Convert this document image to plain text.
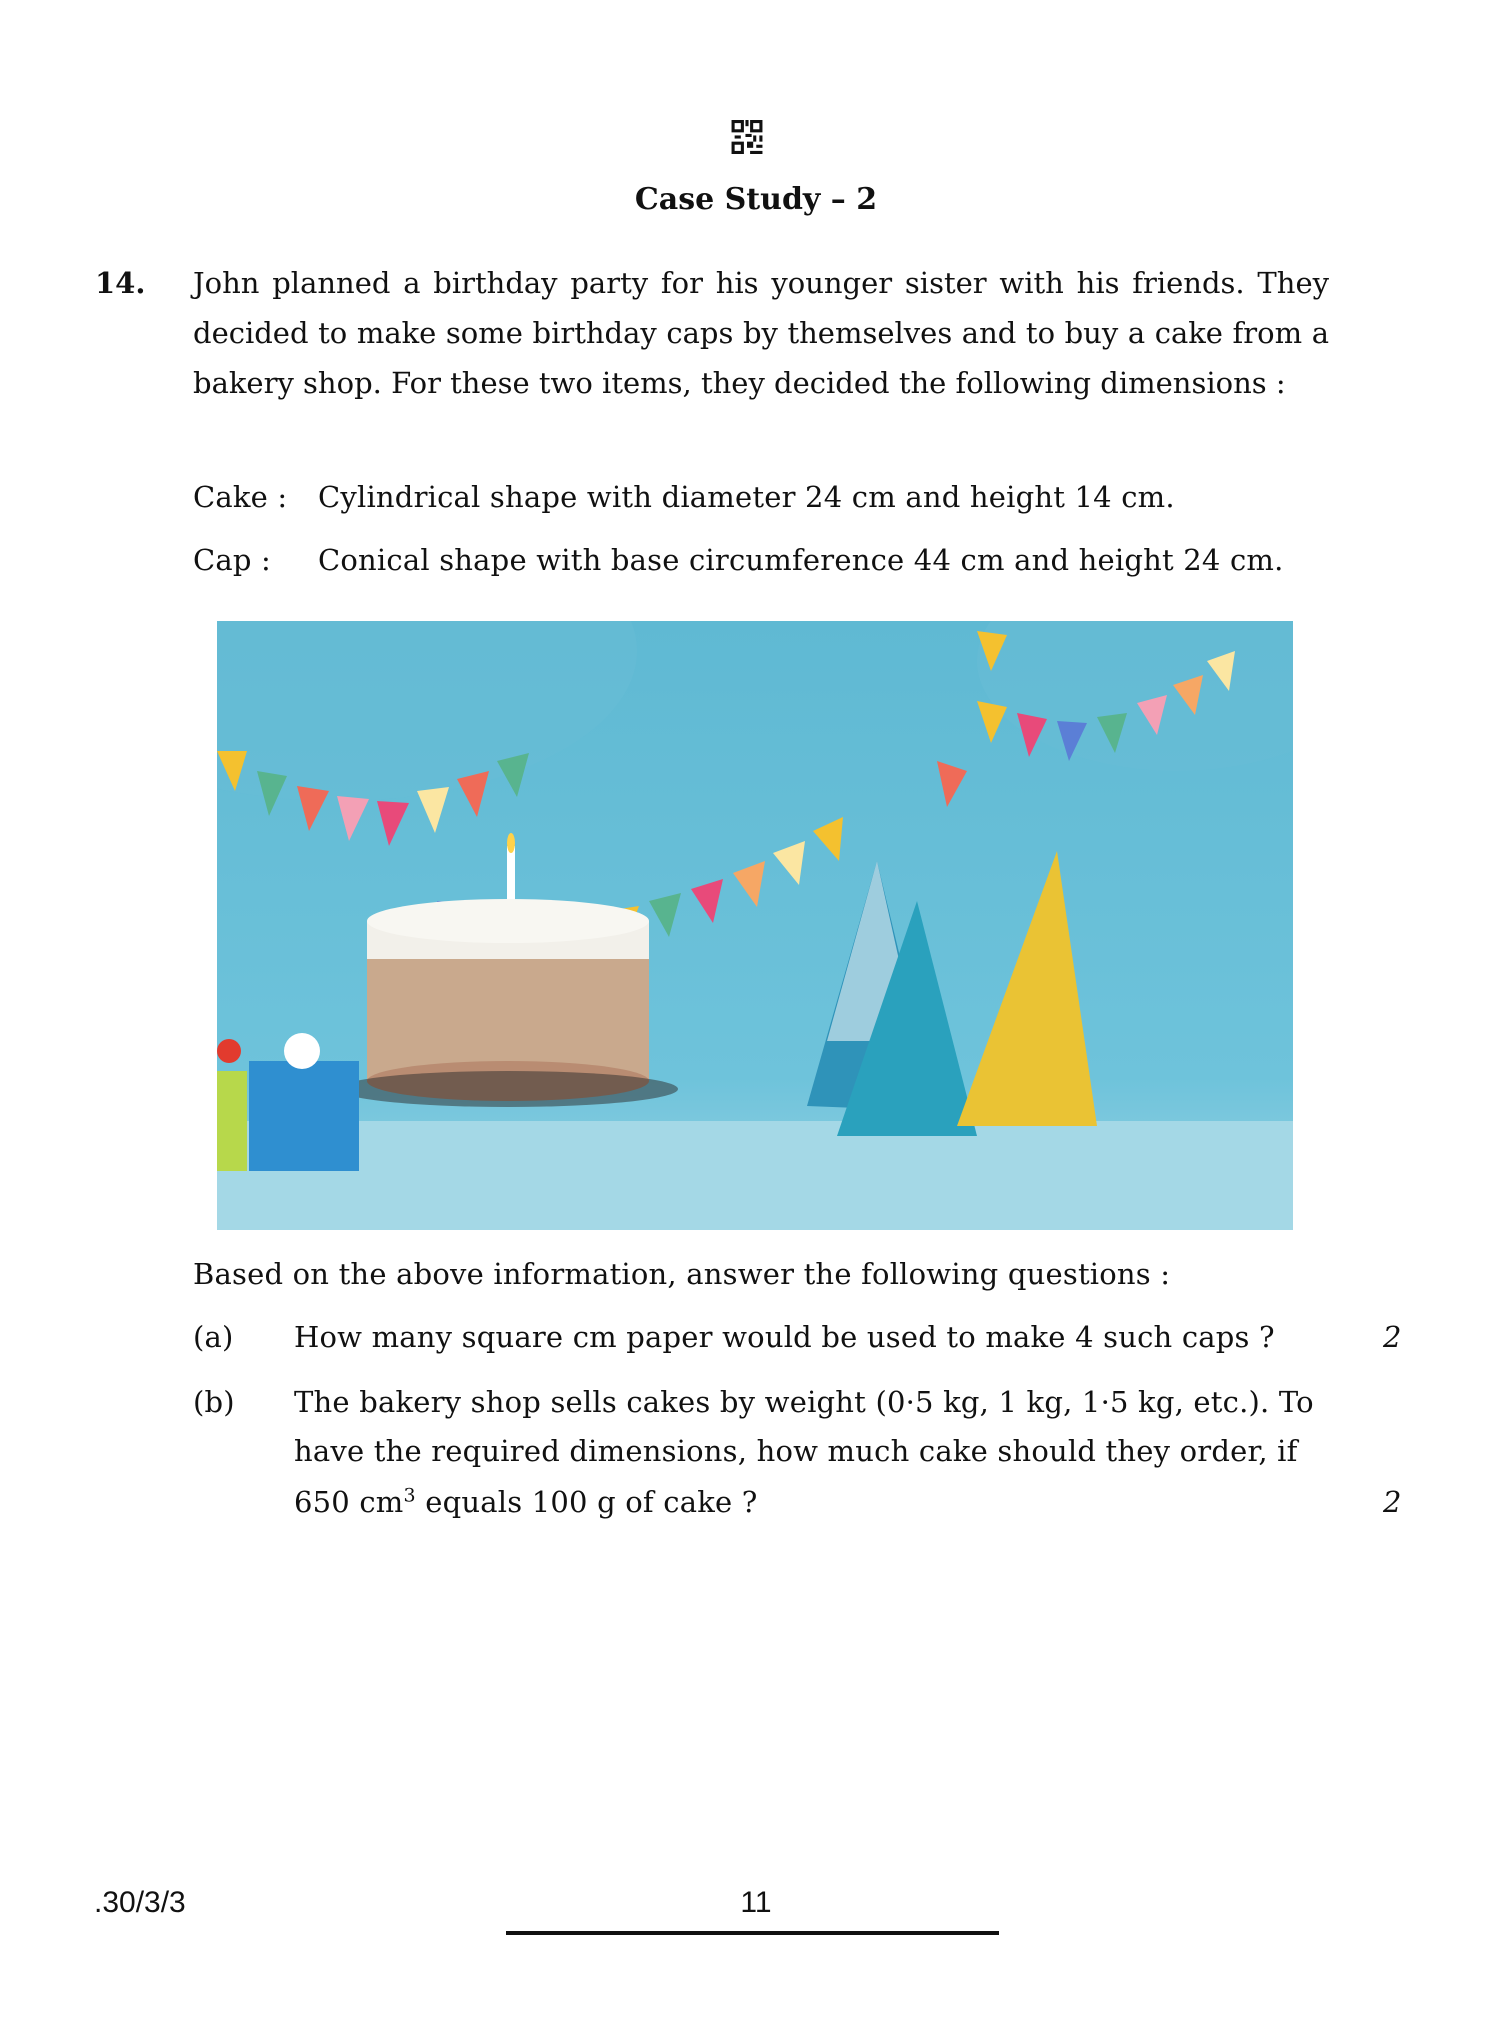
Case Study – 2
14. John planned a birthday party for his younger sister with his friends. They decided to make some birthday caps by themselves and to buy a cake from a bakery shop. For these two items, they decided the following dimensions :
Cake : Cylindrical shape with diameter 24 cm and height 14 cm.
Cap : Conical shape with base circumference 44 cm and height 24 cm.
Based on the above information, answer the following questions :
(a) How many square cm paper would be used to make 4 such caps ?	2
(b) The bakery shop sells cakes by weight (0·5 kg, 1 kg, 1·5 kg, etc.). To
have the required dimensions, how much cake should they order, if
650 $cm^3$ equals 100 g of cake ?	2
.30/3/3	11
